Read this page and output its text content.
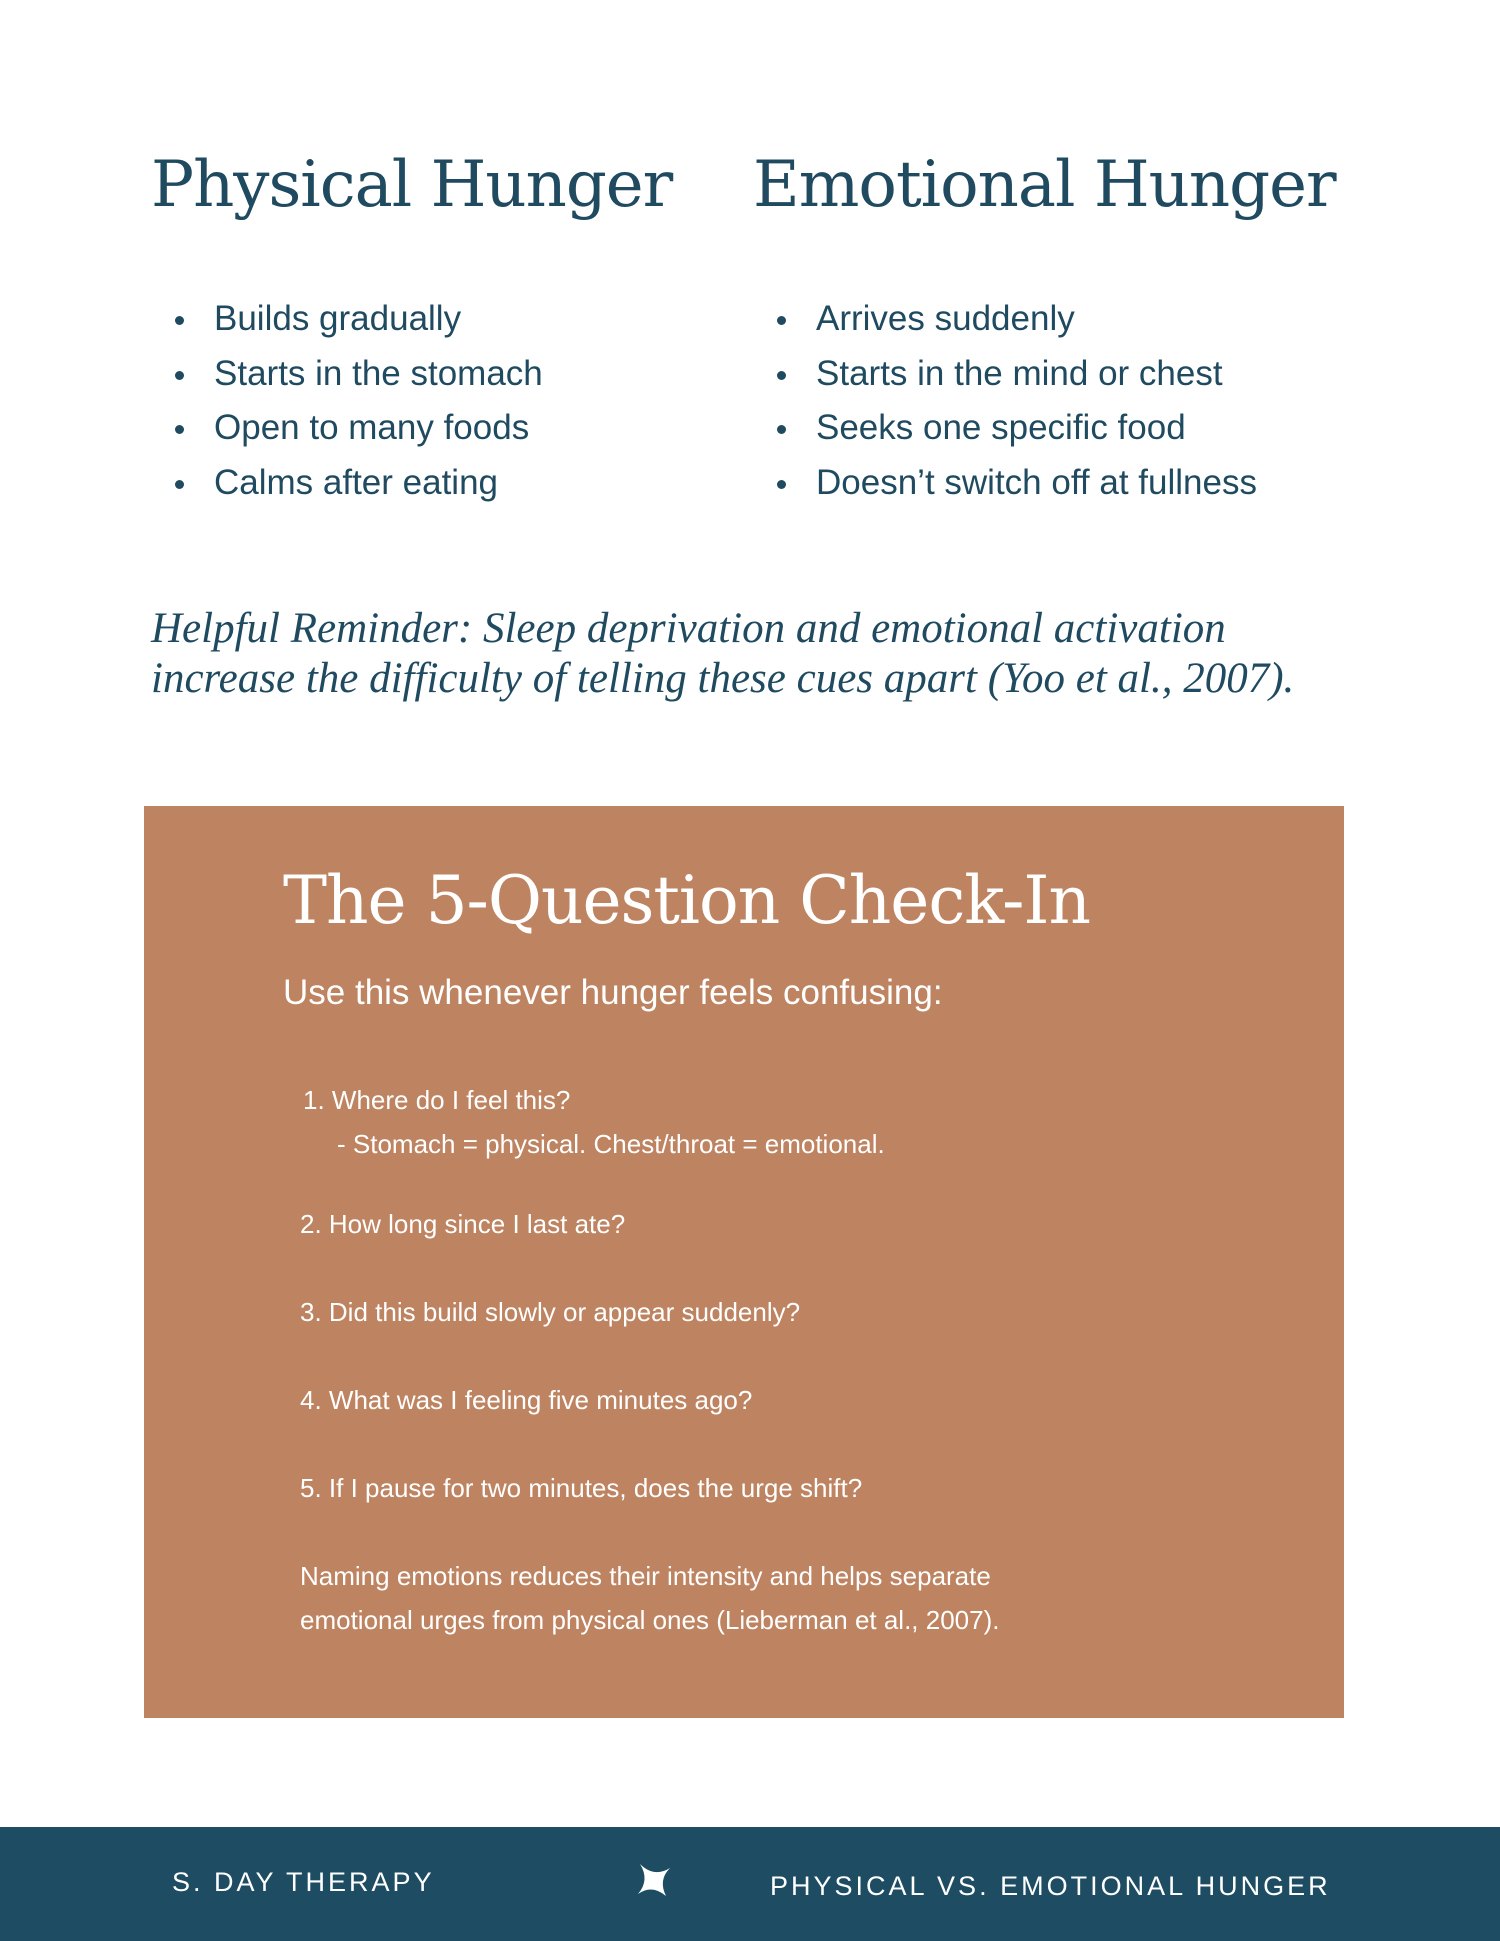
Physical Hunger Emotional Hunger
Builds gradually
Starts in the stomach
Open to many foods
Calms after eating
Arrives suddenly
Starts in the mind or chest
Seeks one specific food
Doesn’t switch off at fullness
Helpful Reminder: Sleep deprivation and emotional activation
increase the difficulty of telling these cues apart (Yoo et al., 2007).
The 5-Question Check-In
Use this whenever hunger feels confusing:
1. Where do I feel this?
- Stomach = physical. Chest/throat = emotional.
2. How long since I last ate?
3. Did this build slowly or appear suddenly?
4. What was I feeling five minutes ago?
5. If I pause for two minutes, does the urge shift?
Naming emotions reduces their intensity and helps separate
emotional urges from physical ones (Lieberman et al., 2007).
S. DAY THERAPY	PHYSICAL VS. EMOTIONAL HUNGER
